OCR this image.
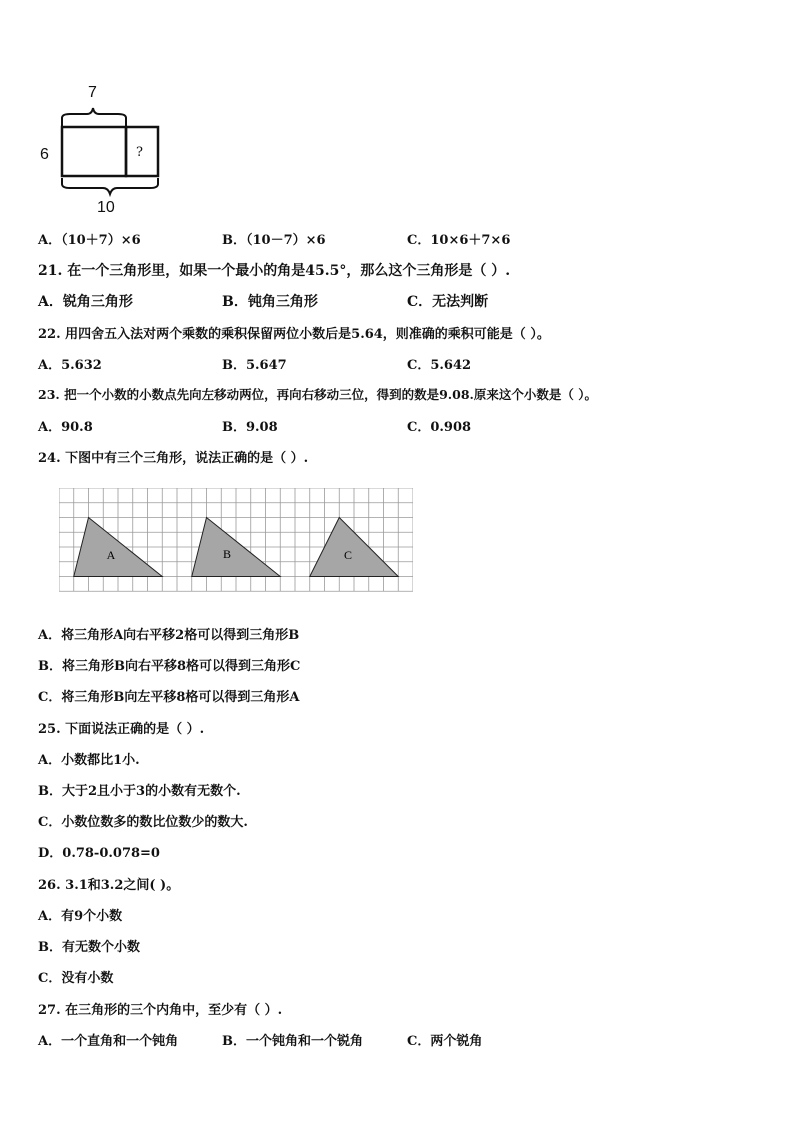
7
6
10
?
A．（10＋7）×6	B．（10－7）×6	C．10×6＋7×6
21. 在一个三角形里，如果一个最小的角是45.5°，那么这个三角形是（ ）.
A．锐角三角形	B．钝角三角形	C．无法判断
22. 用四舍五入法对两个乘数的乘积保留两位小数后是5.64，则准确的乘积可能是（ ）。
A．5.632	B．5.647	C．5.642
23. 把一个小数的小数点先向左移动两位，再向右移动三位，得到的数是9.08.原来这个小数是（ ）。
A．90.8	B．9.08	C．0.908
24. 下图中有三个三角形，说法正确的是（ ）.
A	B	C
A．将三角形A向右平移2格可以得到三角形B
B．将三角形B向右平移8格可以得到三角形C
C．将三角形B向左平移8格可以得到三角形A
25. 下面说法正确的是（ ）.
A．小数都比1小.
B．大于2且小于3的小数有无数个.
C．小数位数多的数比位数少的数大.
D．0.78-0.078=0
26. 3.1和3.2之间( )。
A．有9个小数
B．有无数个小数
C．没有小数
27. 在三角形的三个内角中，至少有（ ）.
A．一个直角和一个钝角	B．一个钝角和一个锐角	C．两个锐角
